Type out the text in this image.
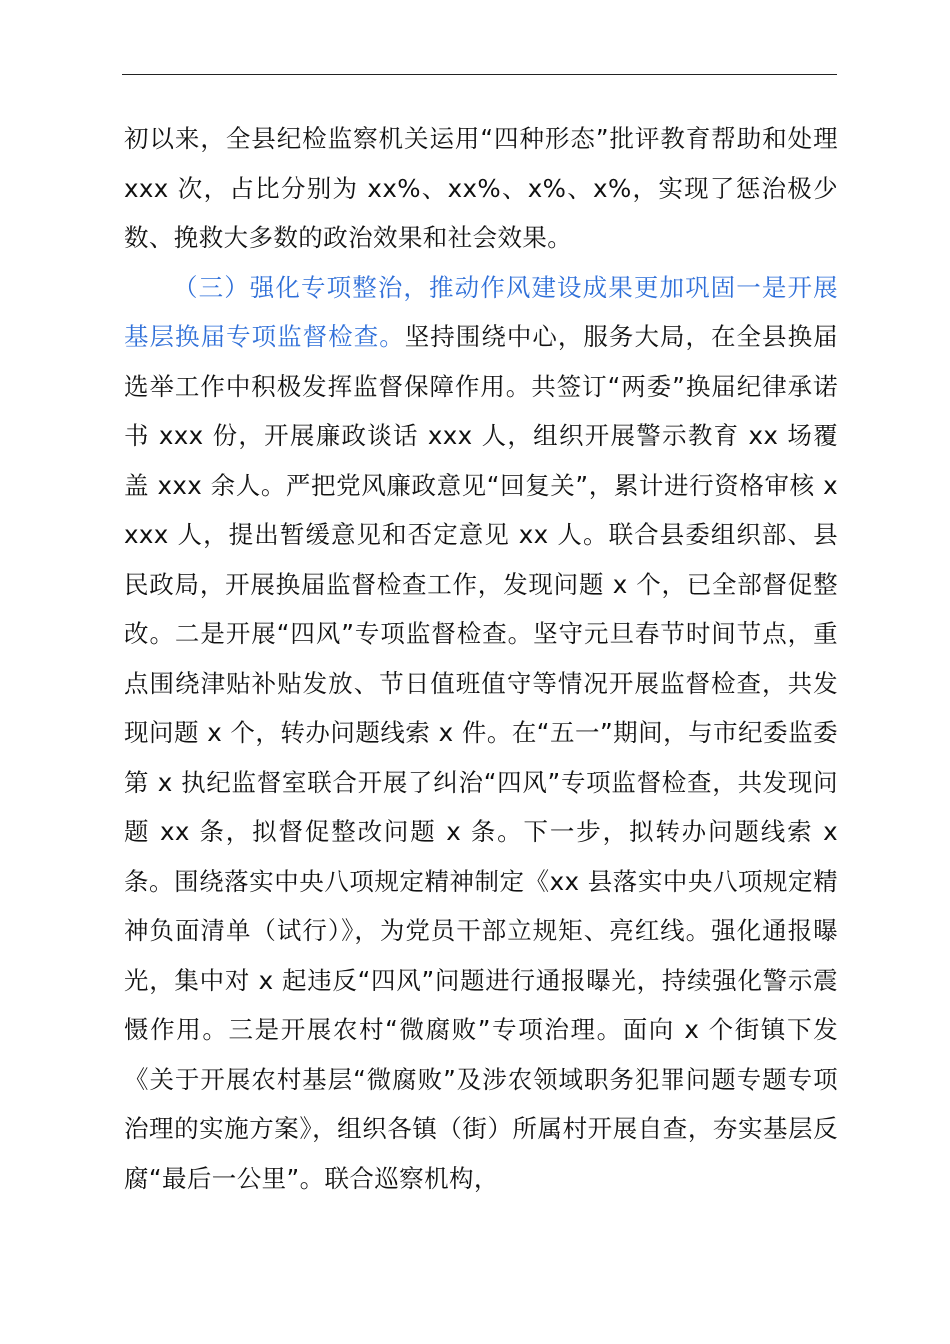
初以来，全县纪检监察机关运用“四种形态”批评教育帮助和处理 xxx 次，占比分别为 xx%、xx%、x%、x%，实现了惩治极少数、挽救大多数的政治效果和社会效果。

（三）强化专项整治，推动作风建设成果更加巩固一是开展基层换届专项监督检查。坚持围绕中心，服务大局，在全县换届选举工作中积极发挥监督保障作用。共签订“两委”换届纪律承诺书 xxx 份，开展廉政谈话 xxx 人，组织开展警示教育 xx 场覆盖 xxx 余人。严把党风廉政意见“回复关”，累计进行资格审核 xxxx 人，提出暂缓意见和否定意见 xx 人。联合县委组织部、县民政局，开展换届监督检查工作，发现问题 x 个，已全部督促整改。二是开展“四风”专项监督检查。坚守元旦春节时间节点，重点围绕津贴补贴发放、节日值班值守等情况开展监督检查，共发现问题 x 个，转办问题线索 x 件。在“五一”期间，与市纪委监委第 x 执纪监督室联合开展了纠治“四风”专项监督检查，共发现问题 xx 条，拟督促整改问题 x 条。下一步，拟转办问题线索 x 条。围绕落实中央八项规定精神制定《xx 县落实中央八项规定精神负面清单（试行）》，为党员干部立规矩、亮红线。强化通报曝光，集中对 x 起违反“四风”问题进行通报曝光，持续强化警示震慑作用。三是开展农村“微腐败”专项治理。面向 x 个街镇下发《关于开展农村基层“微腐败”及涉农领域职务犯罪问题专题专项治理的实施方案》，组织各镇（街）所属村开展自查，夯实基层反腐“最后一公里”。联合巡察机构，
